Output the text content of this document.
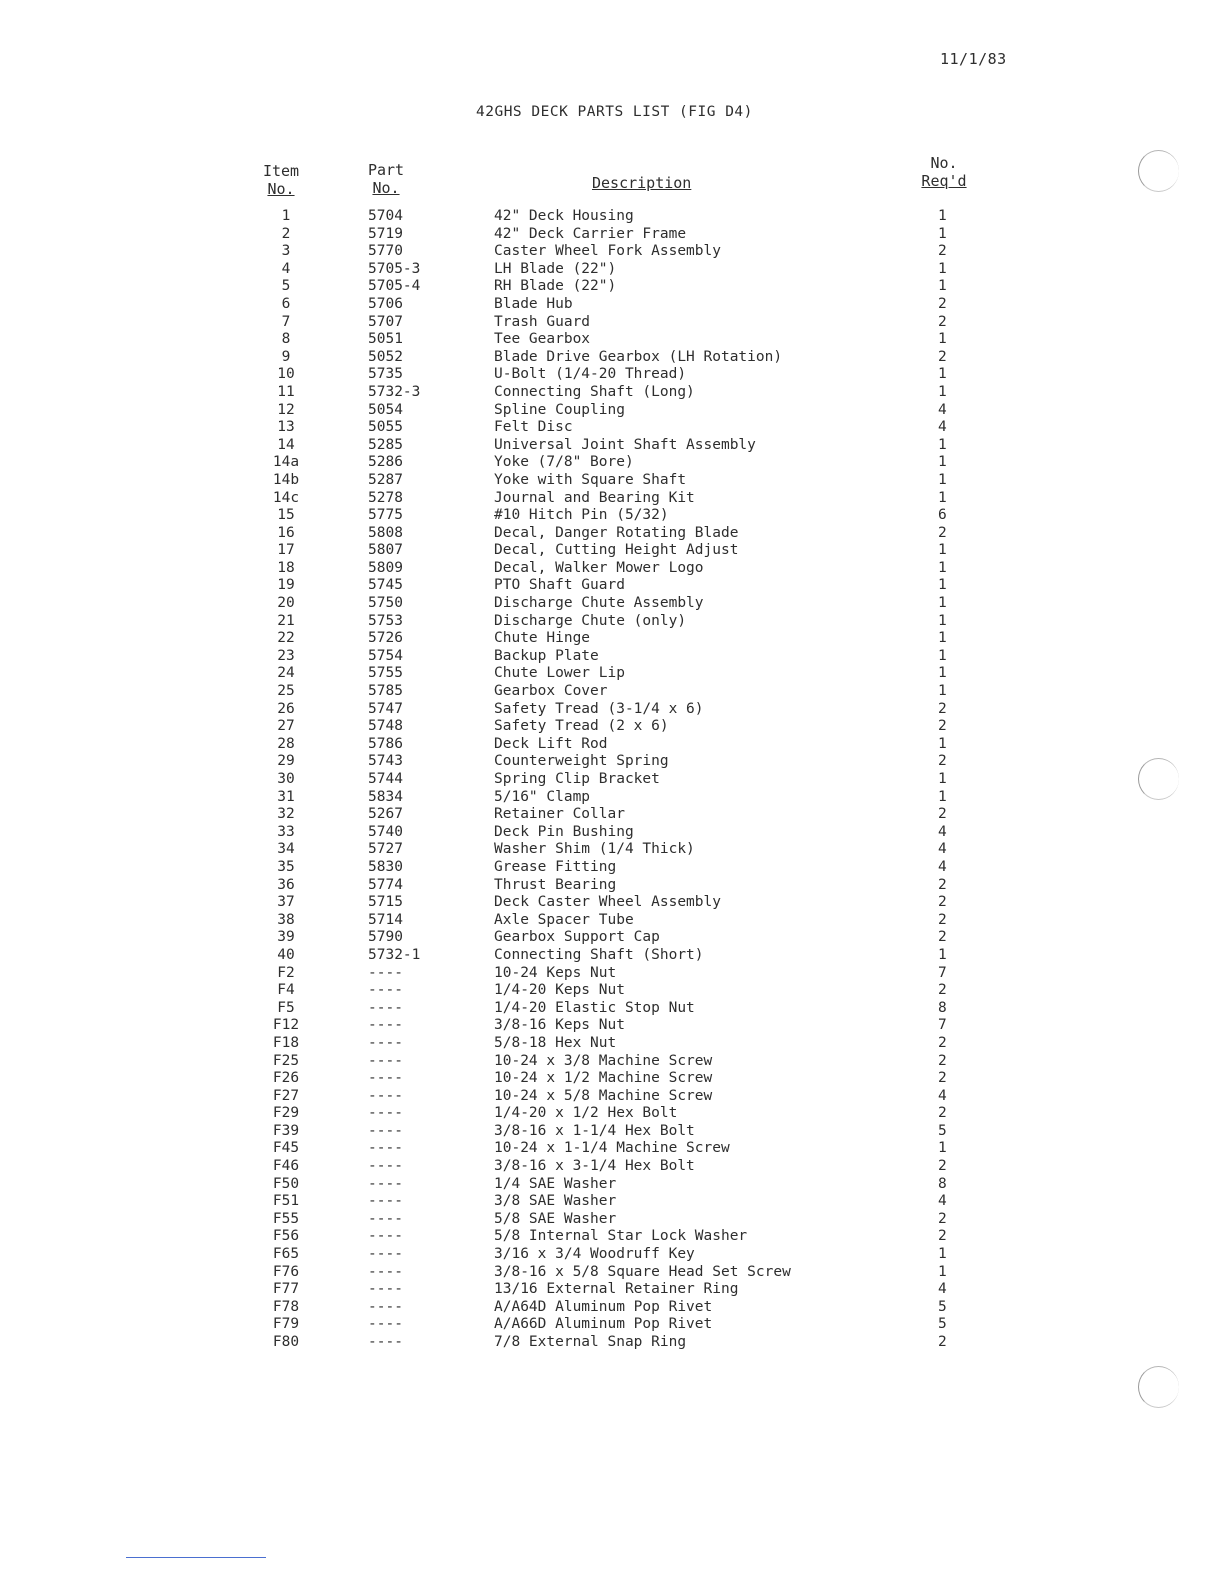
11/1/83
42GHS DECK PARTS LIST (FIG D4)
Item
No.
Part
No.	Description
No.
Req'd
1	5704	42" Deck Housing	1
2	5719	42" Deck Carrier Frame	1
3	5770	Caster Wheel Fork Assembly	2
4	5705-3	LH Blade (22")	1
5	5705-4	RH Blade (22")	1
6	5706	Blade Hub	2
7	5707	Trash Guard	2
8	5051	Tee Gearbox	1
9	5052	Blade Drive Gearbox (LH Rotation)	2
10	5735	U-Bolt (1/4-20 Thread)	1
11	5732-3	Connecting Shaft (Long)	1
12	5054	Spline Coupling	4
13	5055	Felt Disc	4
14	5285	Universal Joint Shaft Assembly	1
14a	5286	Yoke (7/8" Bore)	1
14b	5287	Yoke with Square Shaft	1
14c	5278	Journal and Bearing Kit	1
15	5775	#10 Hitch Pin (5/32)	6
16	5808	Decal, Danger Rotating Blade	2
17	5807	Decal, Cutting Height Adjust	1
18	5809	Decal, Walker Mower Logo	1
19	5745	PTO Shaft Guard	1
20	5750	Discharge Chute Assembly	1
21	5753	Discharge Chute (only)	1
22	5726	Chute Hinge	1
23	5754	Backup Plate	1
24	5755	Chute Lower Lip	1
25	5785	Gearbox Cover	1
26	5747	Safety Tread (3-1/4 x 6)	2
27	5748	Safety Tread (2 x 6)	2
28	5786	Deck Lift Rod	1
29	5743	Counterweight Spring	2
30	5744	Spring Clip Bracket	1
31	5834	5/16" Clamp	1
32	5267	Retainer Collar	2
33	5740	Deck Pin Bushing	4
34	5727	Washer Shim (1/4 Thick)	4
35	5830	Grease Fitting	4
36	5774	Thrust Bearing	2
37	5715	Deck Caster Wheel Assembly	2
38	5714	Axle Spacer Tube	2
39	5790	Gearbox Support Cap	2
40	5732-1	Connecting Shaft (Short)	1
F2	----	10-24 Keps Nut	7
F4	----	1/4-20 Keps Nut	2
F5	----	1/4-20 Elastic Stop Nut	8
F12	----	3/8-16 Keps Nut	7
F18	----	5/8-18 Hex Nut	2
F25	----	10-24 x 3/8 Machine Screw	2
F26	----	10-24 x 1/2 Machine Screw	2
F27	----	10-24 x 5/8 Machine Screw	4
F29	----	1/4-20 x 1/2 Hex Bolt	2
F39	----	3/8-16 x 1-1/4 Hex Bolt	5
F45	----	10-24 x 1-1/4 Machine Screw	1
F46	----	3/8-16 x 3-1/4 Hex Bolt	2
F50	----	1/4 SAE Washer	8
F51	----	3/8 SAE Washer	4
F55	----	5/8 SAE Washer	2
F56	----	5/8 Internal Star Lock Washer	2
F65	----	3/16 x 3/4 Woodruff Key	1
F76	----	3/8-16 x 5/8 Square Head Set Screw	1
F77	----	13/16 External Retainer Ring	4
F78	----	A/A64D Aluminum Pop Rivet	5
F79	----	A/A66D Aluminum Pop Rivet	5
F80	----	7/8 External Snap Ring	2
